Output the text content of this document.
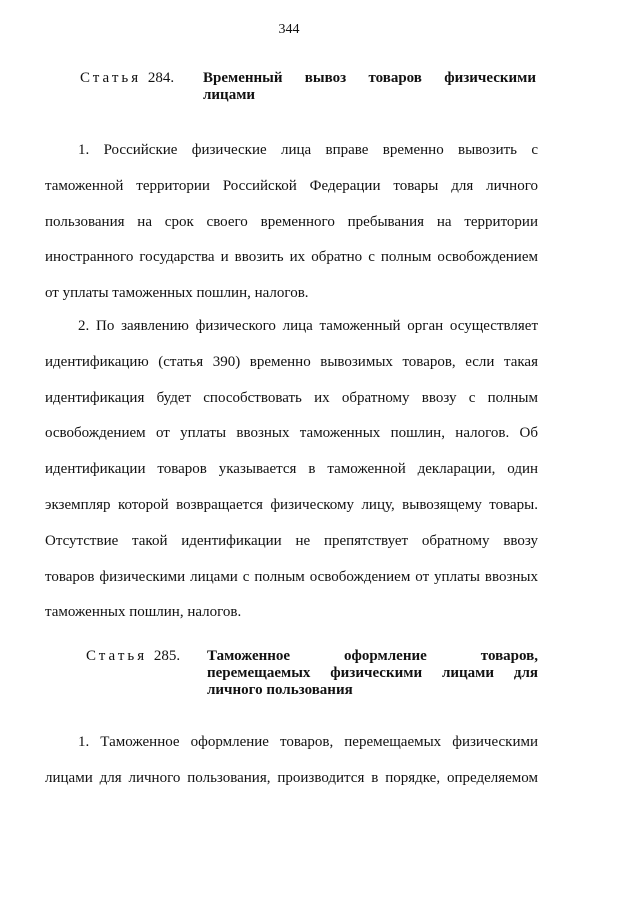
344
Статья 284.	Временный вывоз товаров физическими
лицами
1. Российские физические лица вправе временно вывозить с
таможенной территории Российской Федерации товары для личного
пользования на срок своего временного пребывания на территории
иностранного государства и ввозить их обратно с полным освобождением
от уплаты таможенных пошлин, налогов.
2. По заявлению физического лица таможенный орган осуществляет
идентификацию (статья 390) временно вывозимых товаров, если такая
идентификация будет способствовать их обратному ввозу с полным
освобождением от уплаты ввозных таможенных пошлин, налогов. Об
идентификации товаров указывается в таможенной декларации, один
экземпляр которой возвращается физическому лицу, вывозящему товары.
Отсутствие такой идентификации не препятствует обратному ввозу
товаров физическими лицами с полным освобождением от уплаты ввозных
таможенных пошлин, налогов.
Статья 285.	Таможенное оформление товаров,
перемещаемых физическими лицами для
личного пользования
1. Таможенное оформление товаров, перемещаемых физическими
лицами для личного пользования, производится в порядке, определяемом
